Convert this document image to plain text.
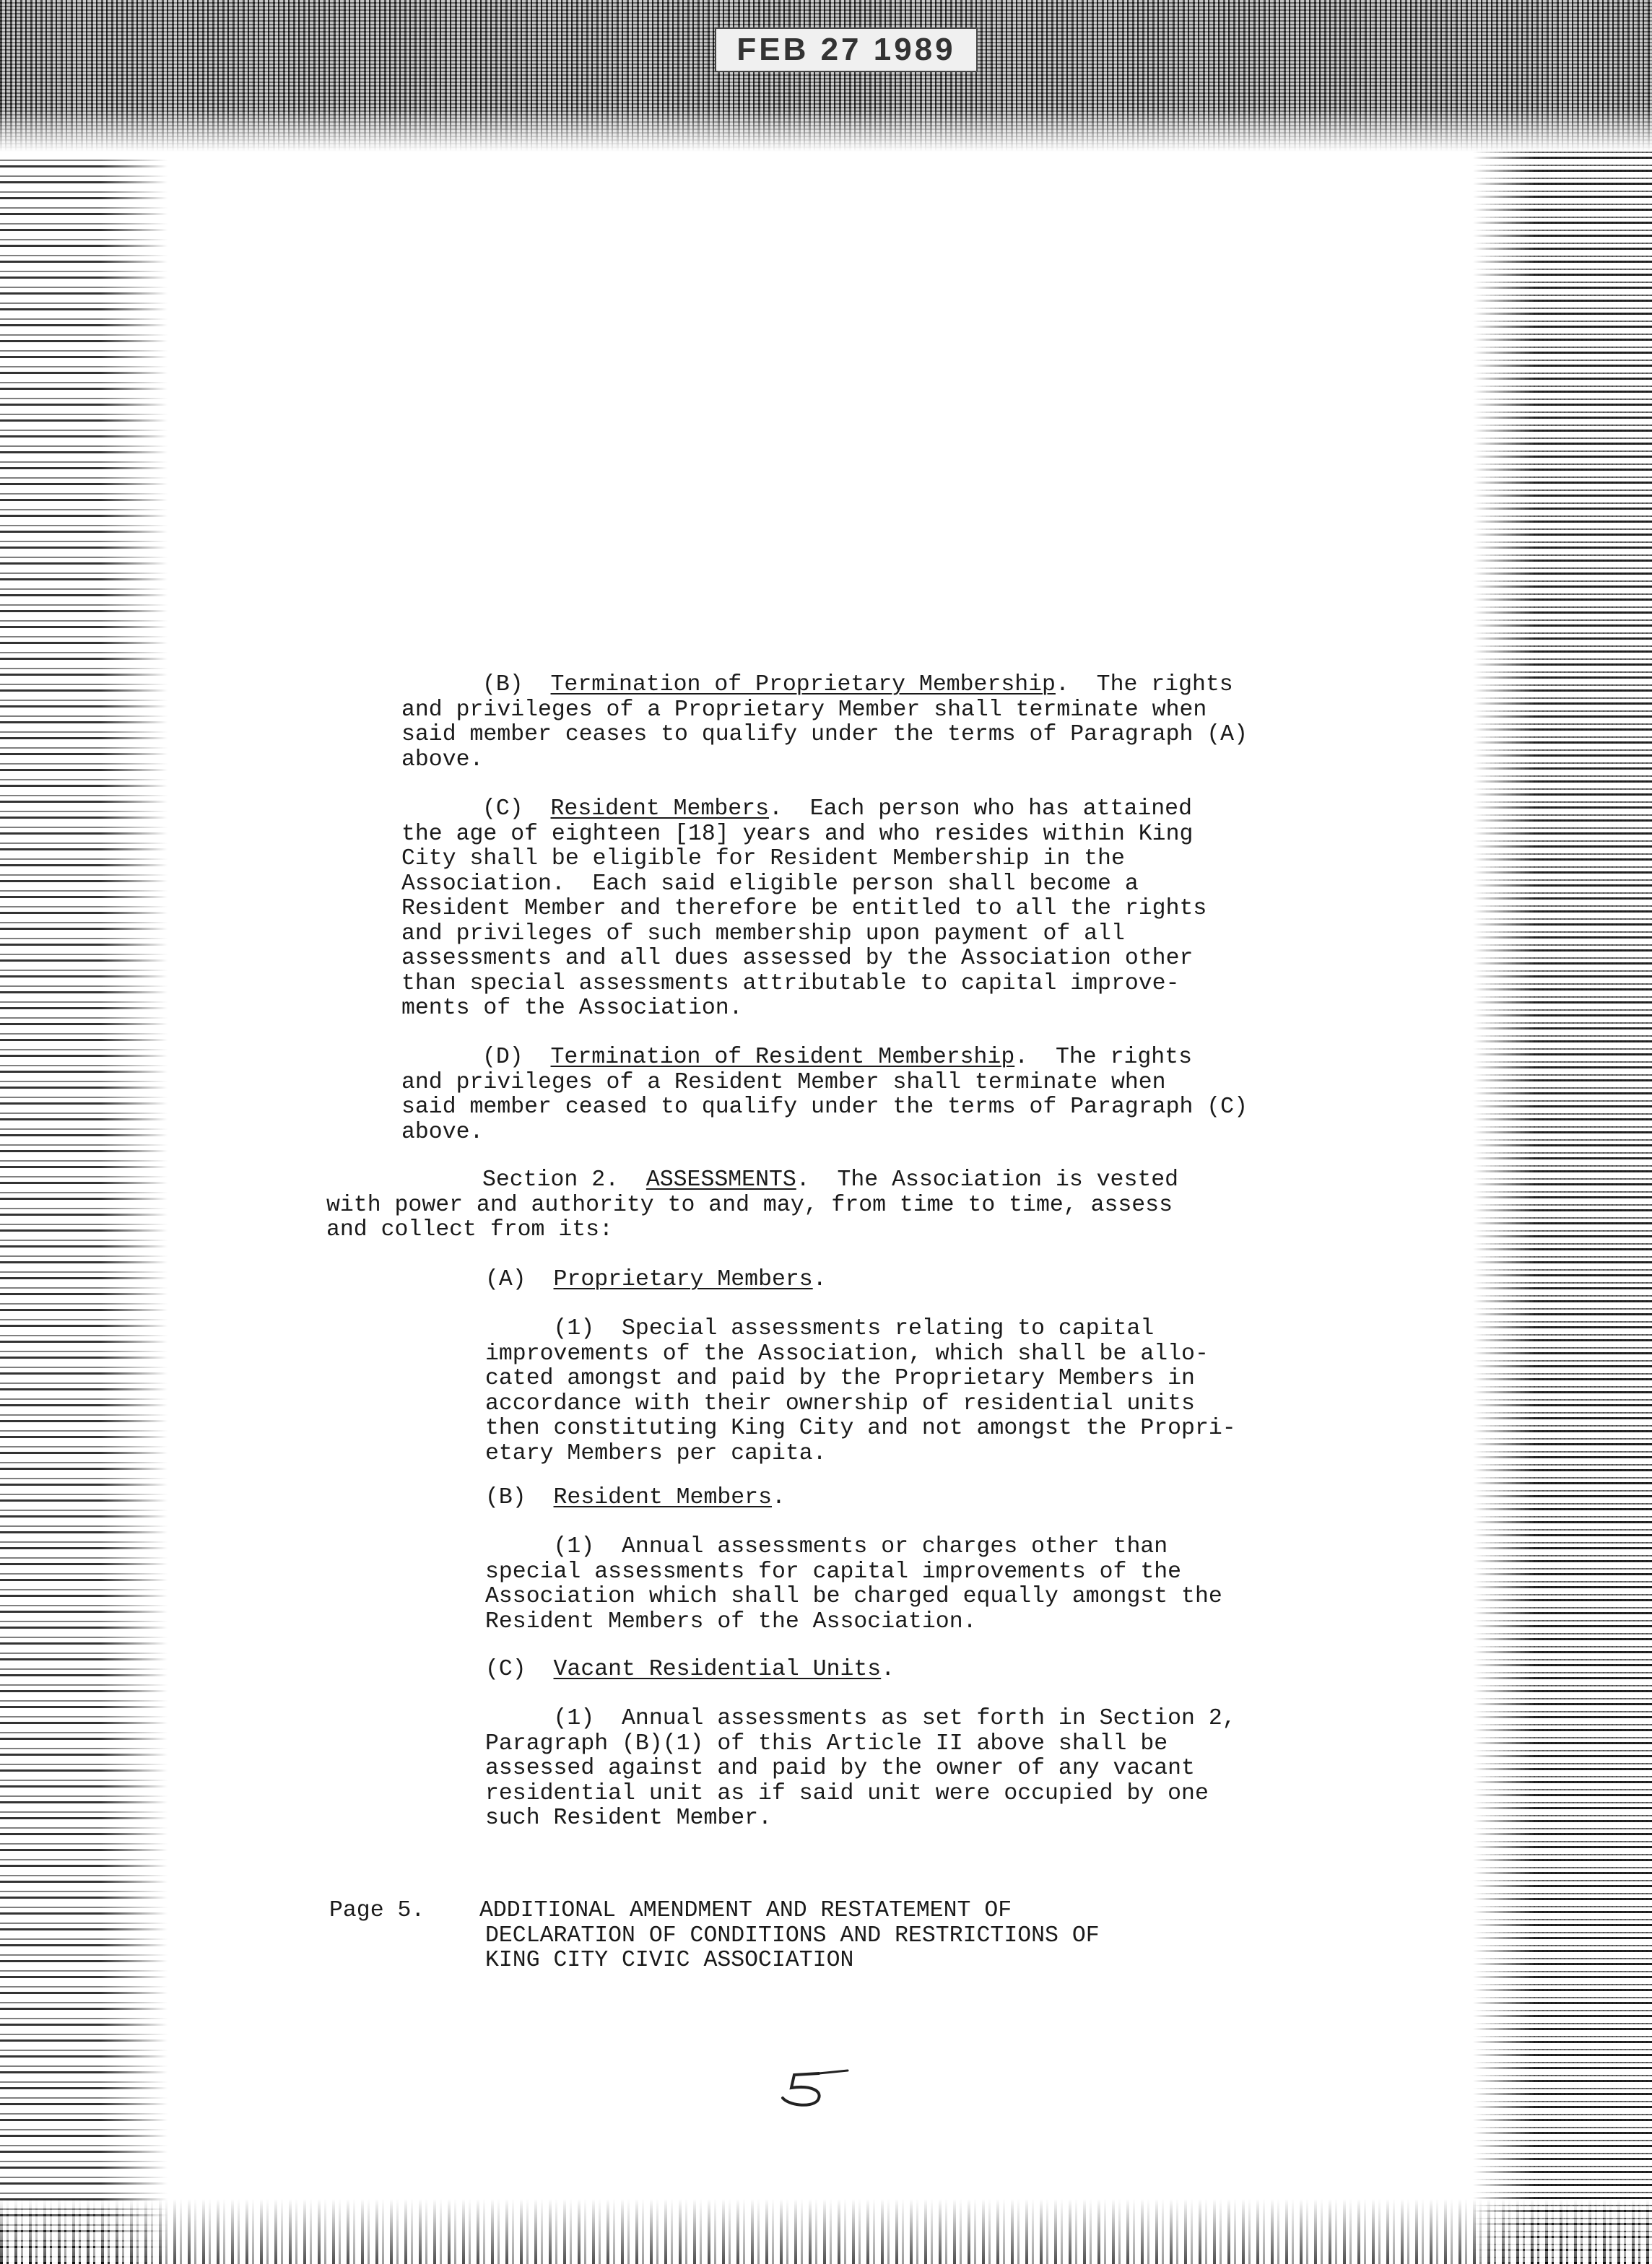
FEB 27 1989
(B) Termination of Proprietary Membership.  The rights
and privileges of a Proprietary Member shall terminate when
said member ceases to qualify under the terms of Paragraph (A)
above.
(C) Resident Members.  Each person who has attained
the age of eighteen [18] years and who resides within King
City shall be eligible for Resident Membership in the
Association.  Each said eligible person shall become a
Resident Member and therefore be entitled to all the rights
and privileges of such membership upon payment of all
assessments and all dues assessed by the Association other
than special assessments attributable to capital improve-
ments of the Association.
(D) Termination of Resident Membership.  The rights
and privileges of a Resident Member shall terminate when
said member ceased to qualify under the terms of Paragraph (C)
above.
Section 2.  ASSESSMENTS.  The Association is vested
with power and authority to and may, from time to time, assess
and collect from its:
(A) Proprietary Members.
(1)  Special assessments relating to capital
improvements of the Association, which shall be allo-
cated amongst and paid by the Proprietary Members in
accordance with their ownership of residential units
then constituting King City and not amongst the Propri-
etary Members per capita.
(B) Resident Members.
(1)  Annual assessments or charges other than
special assessments for capital improvements of the
Association which shall be charged equally amongst the
Resident Members of the Association.
(C) Vacant Residential Units.
(1)  Annual assessments as set forth in Section 2,
Paragraph (B)(1) of this Article II above shall be
assessed against and paid by the owner of any vacant
residential unit as if said unit were occupied by one
such Resident Member.
Page 5. ADDITIONAL AMENDMENT AND RESTATEMENT OF
DECLARATION OF CONDITIONS AND RESTRICTIONS OF
KING CITY CIVIC ASSOCIATION
